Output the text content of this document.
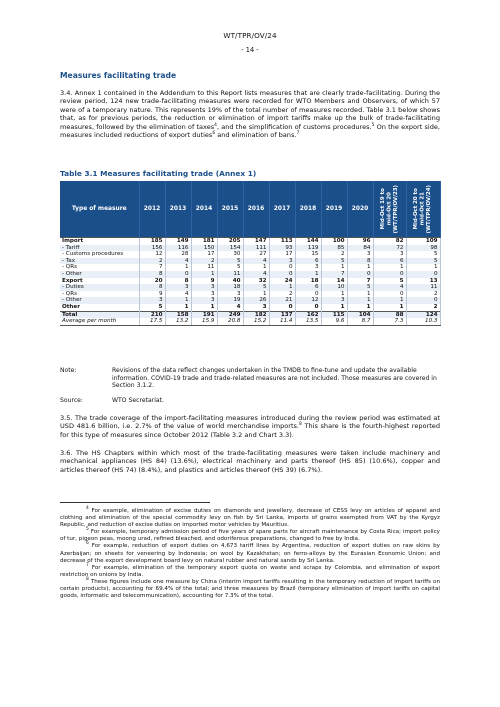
WT/TPR/OV/24
- 14 -
Measures facilitating trade
3.4. Annex 1 contained in the Addendum to this Report lists measures that are clearly trade-facilitating. During the review period, 124 new trade-facilitating measures were recorded for WTO Members and Observers, of which 57 were of a temporary nature. This represents 19% of the total number of measures recorded. Table 3.1 below shows that, as for previous periods, the reduction or elimination of import tariffs make up the bulk of trade-facilitating measures, followed by the elimination of taxes$^4$, and the simplification of customs procedures.$^5$ On the export side, measures included reductions of export duties$^6$ and elimination of bans.$^7$
Table 3.1 Measures facilitating trade (Annex 1)
Type of measure	2012	2013	2014	2015	2016	2017	2018	2019	2020	Mid-Oct 19 to
mid-Oct 20
(WT/TPR/OV/23)	Mid-Oct 20 to
mid-Oct 21
(WT/TPR/OV/24)

Import	185	149	181	205	147	113	144	100	96	82	109
- Tariff	156	116	150	154	111	93	119	85	84	72	98
- Customs procedures	12	28	17	30	27	17	15	2	3	3	5
- Tax	2	4	2	5	4	3	6	5	8	6	5
- QRs	7	1	11	5	1	0	3	1	1	1	1
- Other	8	0	1	11	4	0	1	7	0	0	0
Export	20	8	9	40	32	24	18	14	7	5	13
- Duties	8	3	3	18	5	1	6	10	5	4	11
- QRs	9	4	3	3	1	2	0	1	1	0	2
- Other	3	1	3	19	26	21	12	3	1	1	0
Other	5	1	1	4	3	0	0	1	1	1	2
Total	210	158	191	249	182	137	162	115	104	88	124
Average per month	17.5	13.2	15.9	20.8	15.2	11.4	13.5	9.6	8.7	7.3	10.3
Note:	Revisions of the data reflect changes undertaken in the TMDB to fine-tune and update the available information. COVID-19 trade and trade-related measures are not included. Those measures are covered in Section 3.1.2.
Source:	WTO Secretariat.
3.5. The trade coverage of the import-facilitating measures introduced during the review period was estimated at USD 481.6 billion, i.e. 2.7% of the value of world merchandise imports.$^8$ This share is the fourth-highest reported for this type of measures since October 2012 (Table 3.2 and Chart 3.3).
3.6. The HS Chapters within which most of the trade-facilitating measures were taken include machinery and mechanical appliances (HS 84) (13.6%), electrical machinery and parts thereof (HS 85) (10.6%), copper and articles thereof (HS 74) (8.4%), and plastics and articles thereof (HS 39) (6.7%).

$^4$ For example, elimination of excise duties on diamonds and jewellery, decrease of CESS levy on articles of apparel and clothing and elimination of the special commodity levy on fish by Sri Lanka, imports of grains exempted from VAT by the Kyrgyz Republic, and reduction of excise duties on imported motor vehicles by Mauritius.

$^5$ For example, temporary admission period of five years of spare parts for aircraft maintenance by Costa Rica; import policy of tur, pigeon peas, moong urad, refined bleached, and odoriferous preparations, changed to free by India.

$^6$ For example, reduction of export duties on 4,673 tariff lines by Argentina, reduction of export duties on raw skins by Azerbaijan; on sheets for veneering by Indonesia; on wool by Kazakhstan; on ferro-alloys by the Eurasian Economic Union; and decrease of the export development board levy on natural rubber and natural sands by Sri Lanka.

$^7$ For example, elimination of the temporary export quota on waste and scraps by Colombia, and elimination of export restriction on onions by India.

$^8$ These figures include one measure by China (interim import tariffs resulting in the temporary reduction of import tariffs on certain products), accounting for 69.4% of the total; and three measures by Brazil (temporary elimination of import tariffs on capital goods, informatic and telecommunication), accounting for 7.3% of the total.
